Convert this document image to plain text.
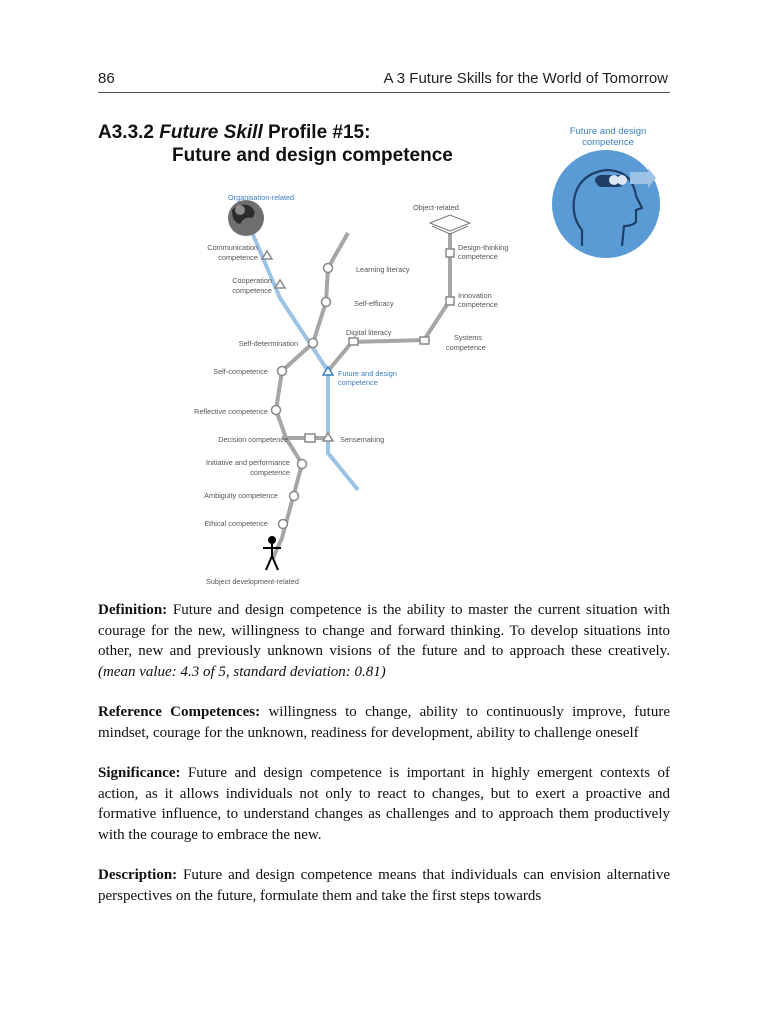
86	A 3 Future Skills for the World of Tomorrow
A3.3.2 Future Skill Profile #15:
Future and design competence
Future and design
competence
Organisation-related
Object-related
Communication
competence
Cooperation
competence
Learning literacy
Self-efficacy
Digital literacy
Self-determination
Self-competence	Future and design
competence
Reflective competence
Decision competence	Sensemaking
Initiative and performance
competence
Ambiguity competence
Ethical competence
Subject development-related
Design-thinking
competence
Innovation
competence
Systems
competence

Definition: Future and design competence is the ability to master the current situation with courage for the new, willingness to change and forward thinking. To develop situations into other, new and previously unknown visions of the future and to approach these creatively. (mean value: 4.3 of 5, standard deviation: 0.81)

Reference Competences: willingness to change, ability to continuously improve, future mindset, courage for the unknown, readiness for development, ability to challenge oneself

Significance: Future and design competence is important in highly emergent contexts of action, as it allows individuals not only to react to changes, but to exert a proactive and formative influence, to understand changes as challenges and to approach them productively with the courage to embrace the new.

Description: Future and design competence means that individuals can envision alternative perspectives on the future, formulate them and take the first steps towards
